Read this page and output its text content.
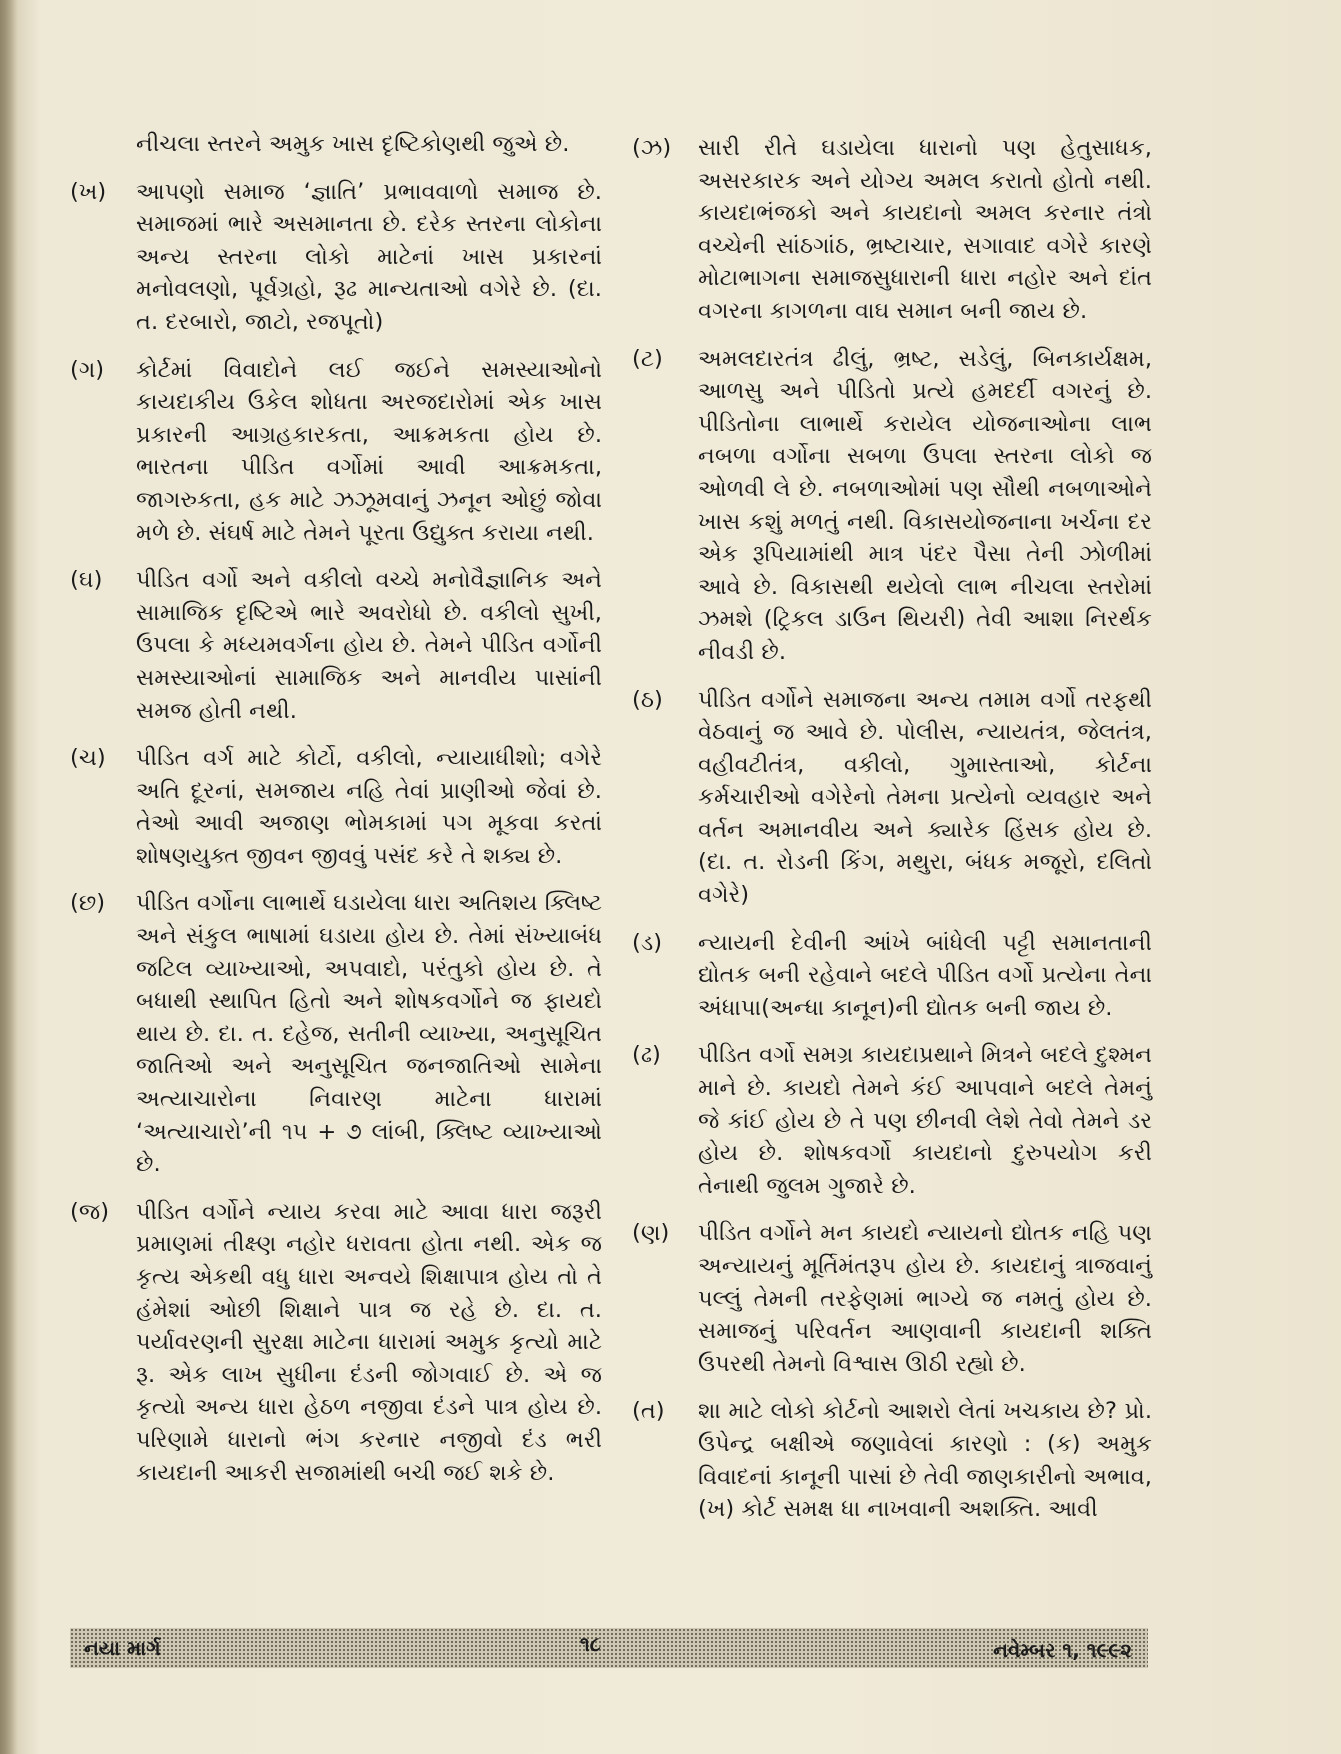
નીચલા સ્તરને અમુક ખાસ દૃષ્ટિકોણથી જુએ છે.
(ખ) આપણો સમાજ ‘જ્ઞાતિ’ પ્રભાવવાળો સમાજ છે. સમાજમાં ભારે અસમાનતા છે. દરેક સ્તરના લોકોના અન્ય સ્તરના લોકો માટેનાં ખાસ પ્રકારનાં મનોવલણો, પૂર્વગ્રહો, રૂઢ માન્યતાઓ વગેરે છે. (દા. ત. દરબારો, જાટો, રજપૂતો)
(ગ) કોર્ટમાં વિવાદોને લઈ જઈને સમસ્યાઓનો કાયદાકીય ઉકેલ શોધતા અરજદારોમાં એક ખાસ પ્રકારની આગ્રહકારકતા, આક્રમકતા હોય છે. ભારતના પીડિત વર્ગોમાં આવી આક્રમકતા, જાગરુકતા, હક માટે ઝઝૂમવાનું ઝનૂન ઓછું જોવા મળે છે. સંઘર્ષ માટે તેમને પૂરતા ઉદ્યુક્ત કરાયા નથી.
(ઘ) પીડિત વર્ગો અને વકીલો વચ્ચે મનોવૈજ્ઞાનિક અને સામાજિક દૃષ્ટિએ ભારે અવરોધો છે. વકીલો સુખી, ઉપલા કે મધ્યમવર્ગના હોય છે. તેમને પીડિત વર્ગોની સમસ્યાઓનાં સામાજિક અને માનવીય પાસાંની સમજ હોતી નથી.
(ચ) પીડિત વર્ગ માટે કોર્ટો, વકીલો, ન્યાયાધીશો; વગેરે અતિ દૂરનાં, સમજાય નહિ તેવાં પ્રાણીઓ જેવાં છે. તેઓ આવી અજાણ ભોમકામાં પગ મૂકવા કરતાં શોષણયુક્ત જીવન જીવવું પસંદ કરે તે શક્ય છે.
(છ) પીડિત વર્ગોના લાભાર્થે ઘડાયેલા ધારા અતિશય ક્લિષ્ટ અને સંકુલ ભાષામાં ઘડાયા હોય છે. તેમાં સંખ્યાબંધ જટિલ વ્યાખ્યાઓ, અપવાદો, પરંતુકો હોય છે. તે બધાથી સ્થાપિત હિતો અને શોષકવર્ગોને જ ફાયદો થાય છે. દા. ત. દહેજ, સતીની વ્યાખ્યા, અનુસૂચિત જાતિઓ અને અનુસૂચિત જનજાતિઓ સામેના અત્યાચારોના નિવારણ માટેના ધારામાં ‘અત્યાચારો’ની ૧૫ + ૭ લાંબી, ક્લિષ્ટ વ્યાખ્યાઓ છે.
(જ) પીડિત વર્ગોને ન્યાય કરવા માટે આવા ધારા જરૂરી પ્રમાણમાં તીક્ષ્ણ નહોર ધરાવતા હોતા નથી. એક જ કૃત્ય એકથી વધુ ધારા અન્વયે શિક્ષાપાત્ર હોય તો તે હંમેશાં ઓછી શિક્ષાને પાત્ર જ રહે છે. દા. ત. પર્યાવરણની સુરક્ષા માટેના ધારામાં અમુક કૃત્યો માટે રૂ. એક લાખ સુધીના દંડની જોગવાઈ છે. એ જ કૃત્યો અન્ય ધારા હેઠળ નજીવા દંડને પાત્ર હોય છે. પરિણામે ધારાનો ભંગ કરનાર નજીવો દંડ ભરી કાયદાની આકરી સજામાંથી બચી જઈ શકે છે.
(ઝ) સારી રીતે ઘડાયેલા ધારાનો પણ હેતુસાધક, અસરકારક અને યોગ્ય અમલ કરાતો હોતો નથી. કાયદાભંજકો અને કાયદાનો અમલ કરનાર તંત્રો વચ્ચેની સાંઠગાંઠ, ભ્રષ્ટાચાર, સગાવાદ વગેરે કારણે મોટાભાગના સમાજસુધારાની ધારા નહોર અને દાંત વગરના કાગળના વાઘ સમાન બની જાય છે.
(ટ) અમલદારતંત્ર ઢીલું, ભ્રષ્ટ, સડેલું, બિનકાર્યક્ષમ, આળસુ અને પીડિતો પ્રત્યે હમદર્દી વગરનું છે. પીડિતોના લાભાર્થે કરાયેલ યોજનાઓના લાભ નબળા વર્ગોના સબળા ઉપલા સ્તરના લોકો જ ઓળવી લે છે. નબળાઓમાં પણ સૌથી નબળાઓને ખાસ કશું મળતું નથી. વિકાસયોજનાના ખર્ચના દર એક રૂપિયામાંથી માત્ર પંદર પૈસા તેની ઝોળીમાં આવે છે. વિકાસથી થયેલો લાભ નીચલા સ્તરોમાં ઝમશે (ટ્રિકલ ડાઉન થિયરી) તેવી આશા નિરર્થક નીવડી છે.
(ઠ) પીડિત વર્ગોને સમાજના અન્ય તમામ વર્ગો તરફથી વેઠવાનું જ આવે છે. પોલીસ, ન્યાયતંત્ર, જેલતંત્ર, વહીવટીતંત્ર, વકીલો, ગુમાસ્તાઓ, કોર્ટના કર્મચારીઓ વગેરેનો તેમના પ્રત્યેનો વ્યવહાર અને વર્તન અમાનવીય અને ક્યારેક હિંસક હોય છે. (દા. ત. રોડની કિંગ, મથુરા, બંધક મજૂરો, દલિતો વગેરે)
(ડ) ન્યાયની દેવીની આંખે બાંધેલી પટ્ટી સમાનતાની દ્યોતક બની રહેવાને બદલે પીડિત વર્ગો પ્રત્યેના તેના અંધાપા(અન્ધા કાનૂન)ની દ્યોતક બની જાય છે.
(ઢ) પીડિત વર્ગો સમગ્ર કાયદાપ્રથાને મિત્રને બદલે દુશ્મન માને છે. કાયદો તેમને કંઈ આપવાને બદલે તેમનું જે કાંઈ હોય છે તે પણ છીનવી લેશે તેવો તેમને ડર હોય છે. શોષકવર્ગો કાયદાનો દુરુપયોગ કરી તેનાથી જુલમ ગુજારે છે.
(ણ) પીડિત વર્ગોને મન કાયદો ન્યાયનો દ્યોતક નહિ પણ અન્યાયનું મૂર્તિમંતરૂપ હોય છે. કાયદાનું ત્રાજવાનું પલ્લું તેમની તરફેણમાં ભાગ્યે જ નમતું હોય છે. સમાજનું પરિવર્તન આણવાની કાયદાની શક્તિ ઉપરથી તેમનો વિશ્વાસ ઊઠી રહ્યો છે.
(ત) શા માટે લોકો કોર્ટનો આશરો લેતાં ખચકાય છે? પ્રો. ઉપેન્દ્ર બક્ષીએ જણાવેલાં કારણો : (ક) અમુક વિવાદનાં કાનૂની પાસાં છે તેવી જાણકારીનો અભાવ, (ખ) કોર્ટ સમક્ષ ધા નાખવાની અશક્તિ. આવી
નયા માર્ગ	૧૮	નવેમ્બર ૧, ૧૯૯૨
